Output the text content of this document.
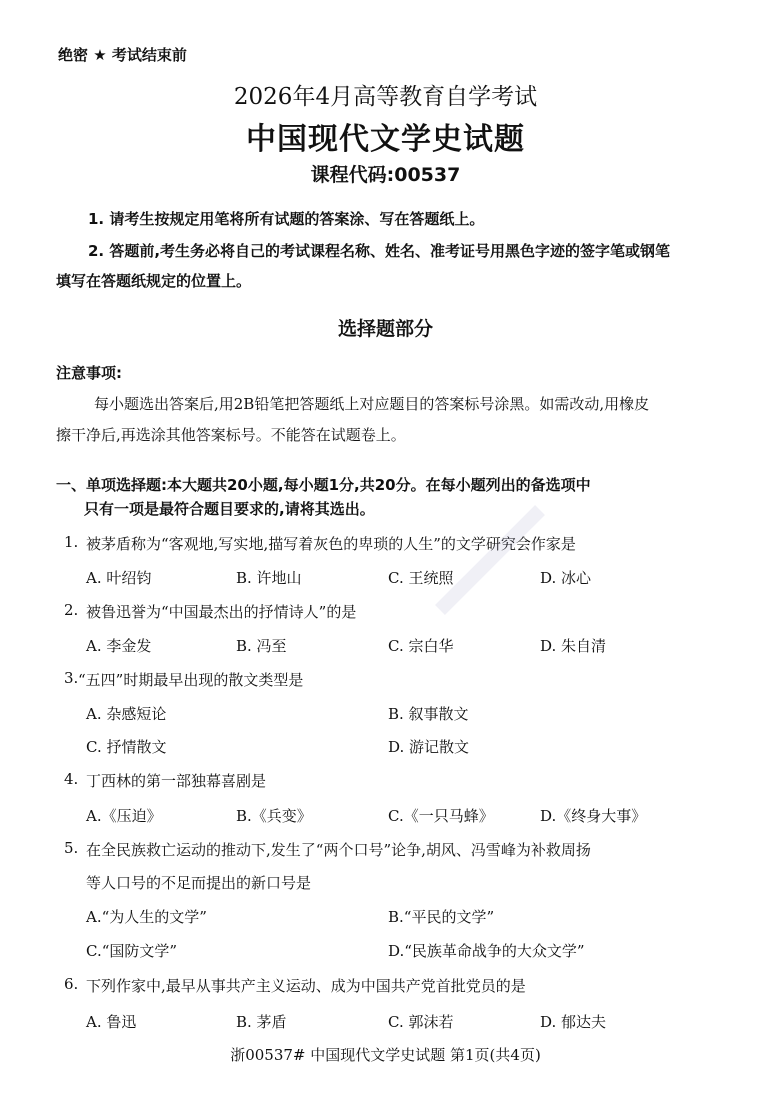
绝密 ★ 考试结束前
2026年4月高等教育自学考试
中国现代文学史试题
课程代码:00537
1. 请考生按规定用笔将所有试题的答案涂、写在答题纸上。
2. 答题前,考生务必将自己的考试课程名称、姓名、准考证号用黑色字迹的签字笔或钢笔
填写在答题纸规定的位置上。
选择题部分
注意事项:
每小题选出答案后,用2B铅笔把答题纸上对应题目的答案标号涂黑。如需改动,用橡皮
擦干净后,再选涂其他答案标号。不能答在试题卷上。
一、单项选择题:本大题共20小题,每小题1分,共20分。在每小题列出的备选项中
只有一项是最符合题目要求的,请将其选出。
1. 被茅盾称为“客观地,写实地,描写着灰色的卑琐的人生”的文学研究会作家是
A. 叶绍钧	B. 许地山	C. 王统照	D. 冰心
2. 被鲁迅誉为“中国最杰出的抒情诗人”的是
A. 李金发	B. 冯至	C. 宗白华	D. 朱自清
3. “五四”时期最早出现的散文类型是
A. 杂感短论	B. 叙事散文
C. 抒情散文	D. 游记散文
4. 丁西林的第一部独幕喜剧是
A.《压迫》	B.《兵变》	C.《一只马蜂》	D.《终身大事》
5. 在全民族救亡运动的推动下,发生了“两个口号”论争,胡风、冯雪峰为补救周扬
等人口号的不足而提出的新口号是
A.“为人生的文学”	B.“平民的文学”
C.“国防文学”	D.“民族革命战争的大众文学”
6. 下列作家中,最早从事共产主义运动、成为中国共产党首批党员的是
A. 鲁迅	B. 茅盾	C. 郭沫若	D. 郁达夫
浙00537# 中国现代文学史试题 第1页(共4页)
